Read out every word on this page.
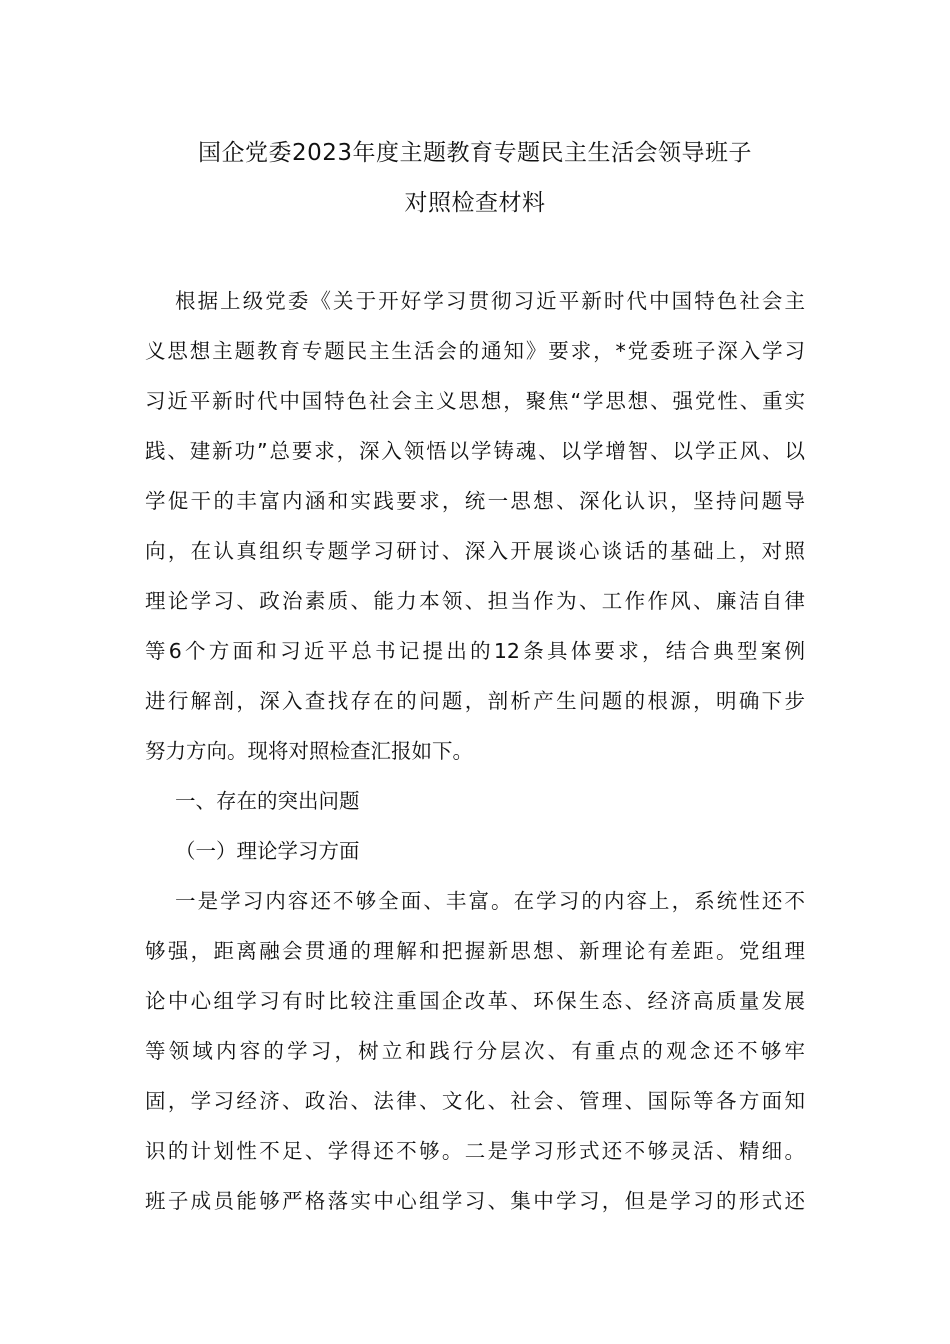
国企党委2023年度主题教育专题民主生活会领导班子
对照检查材料
根据上级党委《关于开好学习贯彻习近平新时代中国特色社会主
义思想主题教育专题民主生活会的通知》要求，*党委班子深入学习
习近平新时代中国特色社会主义思想，聚焦“学思想、强党性、重实
践、建新功”总要求，深入领悟以学铸魂、以学增智、以学正风、以
学促干的丰富内涵和实践要求，统一思想、深化认识，坚持问题导
向，在认真组织专题学习研讨、深入开展谈心谈话的基础上，对照
理论学习、政治素质、能力本领、担当作为、工作作风、廉洁自律
等6个方面和习近平总书记提出的12条具体要求，结合典型案例
进行解剖，深入查找存在的问题，剖析产生问题的根源，明确下步
努力方向。现将对照检查汇报如下。
一、存在的突出问题
（一）理论学习方面
一是学习内容还不够全面、丰富。在学习的内容上，系统性还不
够强，距离融会贯通的理解和把握新思想、新理论有差距。党组理
论中心组学习有时比较注重国企改革、环保生态、经济高质量发展
等领域内容的学习，树立和践行分层次、有重点的观念还不够牢
固，学习经济、政治、法律、文化、社会、管理、国际等各方面知
识的计划性不足、学得还不够。二是学习形式还不够灵活、精细。
班子成员能够严格落实中心组学习、集中学习，但是学习的形式还
